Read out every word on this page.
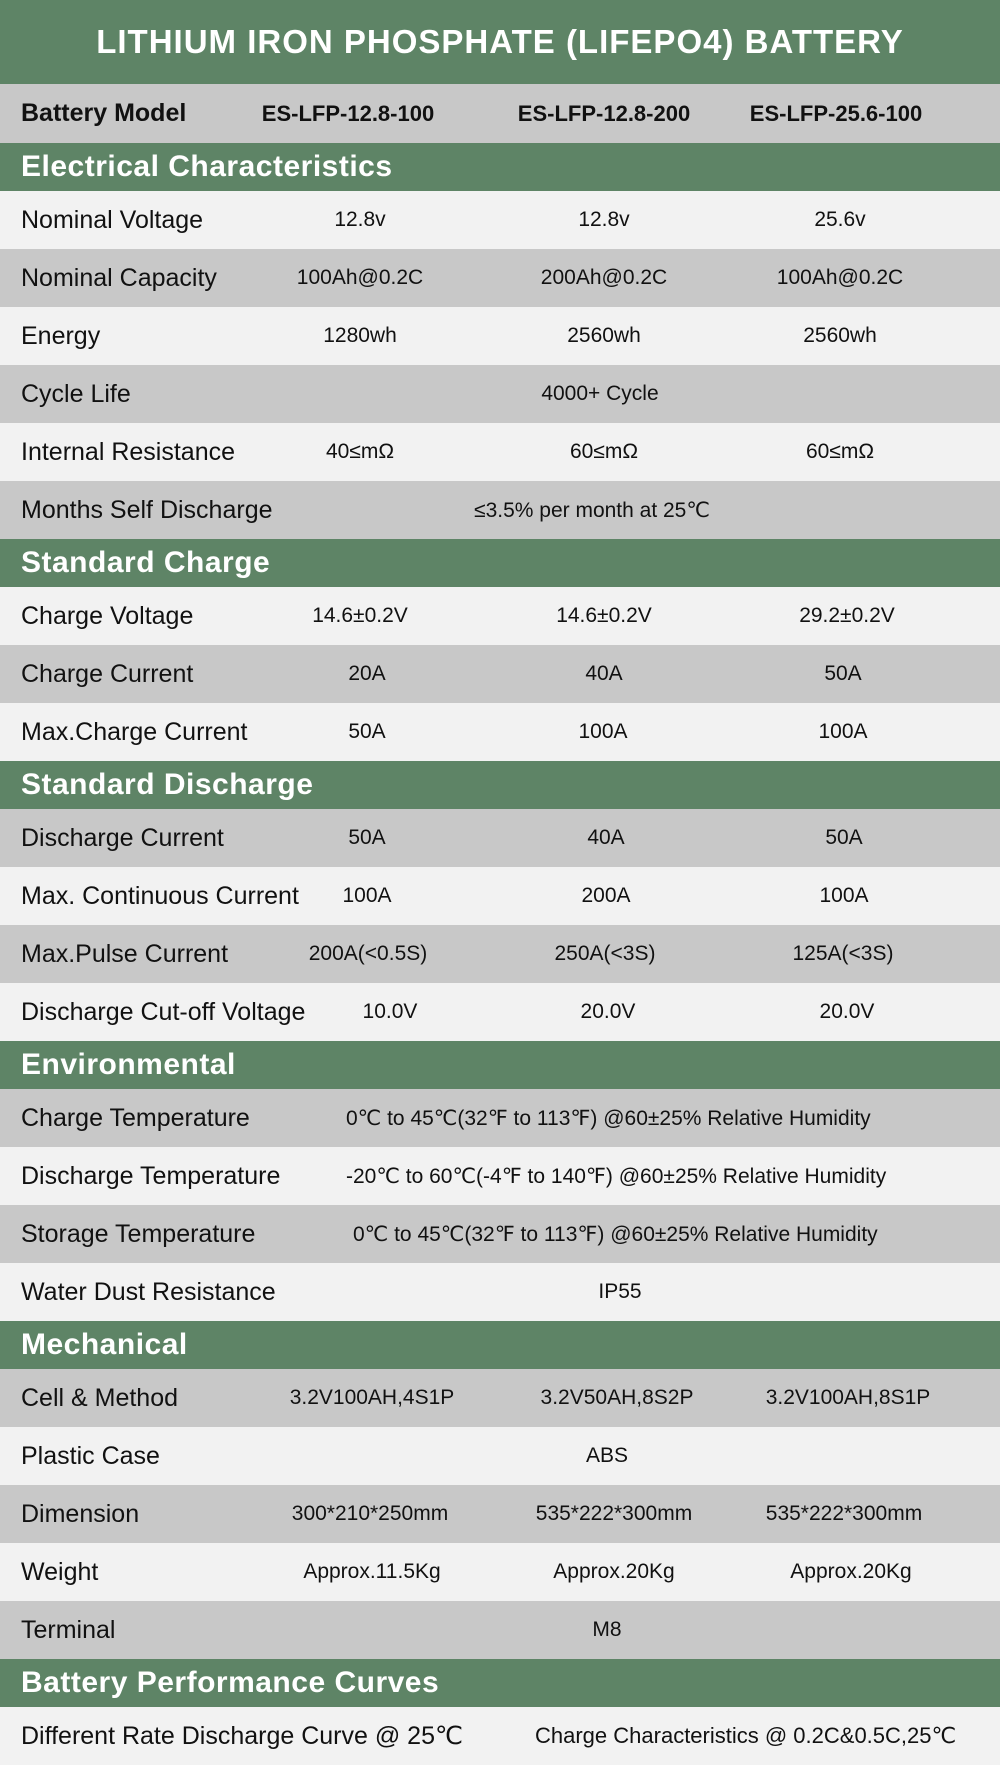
LITHIUM IRON PHOSPHATE (LIFEPO4) BATTERY
Battery Model	ES-LFP-12.8-100	ES-LFP-12.8-200	ES-LFP-25.6-100
Electrical Characteristics
Nominal Voltage	12.8v	12.8v	25.6v
Nominal Capacity	100Ah@0.2C	200Ah@0.2C	100Ah@0.2C
Energy	1280wh	2560wh	2560wh
Cycle Life	4000+ Cycle
Internal Resistance	40≤mΩ	60≤mΩ	60≤mΩ
Months Self Discharge	≤3.5% per month at 25℃
Standard Charge
Charge Voltage	14.6±0.2V	14.6±0.2V	29.2±0.2V
Charge Current	20A	40A	50A
Max.Charge Current	50A	100A	100A
Standard Discharge
Discharge Current	50A	40A	50A
Max. Continuous Current	100A	200A	100A
Max.Pulse Current	200A(<0.5S)	250A(<3S)	125A(<3S)
Discharge Cut-off Voltage	10.0V	20.0V	20.0V
Environmental
Charge Temperature	0℃ to 45℃(32℉ to 113℉) @60±25% Relative Humidity
Discharge Temperature	-20℃ to 60℃(-4℉ to 140℉) @60±25% Relative Humidity
Storage Temperature	0℃ to 45℃(32℉ to 113℉) @60±25% Relative Humidity
Water Dust Resistance	IP55
Mechanical
Cell & Method	3.2V100AH,4S1P	3.2V50AH,8S2P	3.2V100AH,8S1P
Plastic Case	ABS
Dimension	300*210*250mm	535*222*300mm	535*222*300mm
Weight	Approx.11.5Kg	Approx.20Kg	Approx.20Kg
Terminal	M8
Battery Performance Curves
Different Rate Discharge Curve @ 25℃	Charge Characteristics @ 0.2C&0.5C,25℃
